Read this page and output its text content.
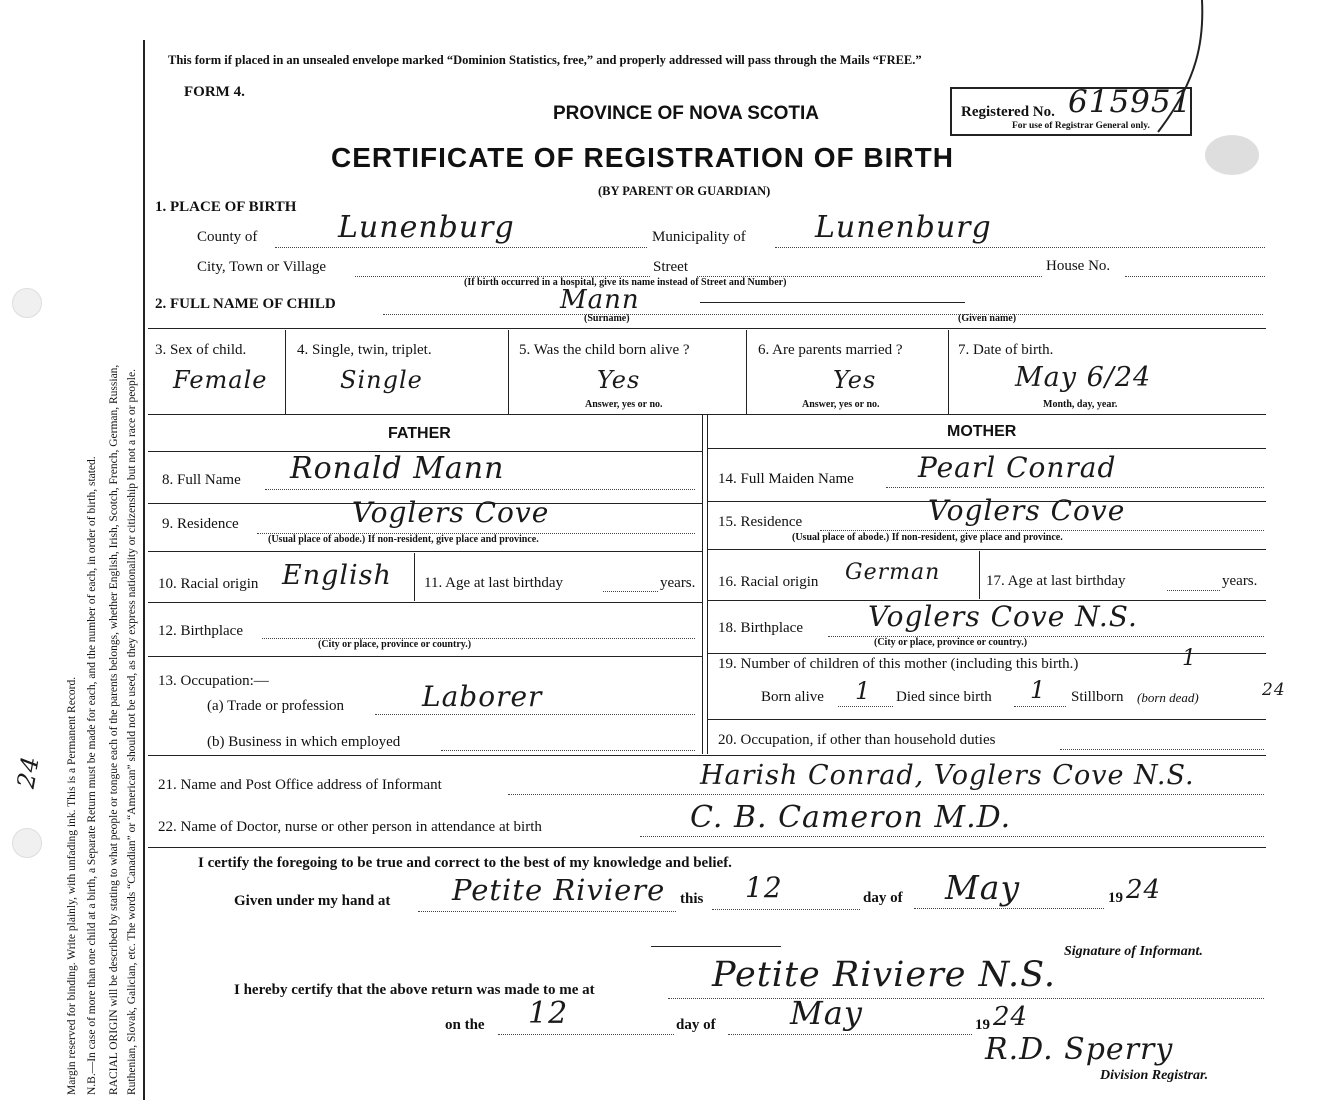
Margin reserved for binding. Write plainly, with unfading ink. This is a Permanent Record. N.B.—In case of more than one child at a birth, a Separate Return must be made for each, and the number of each, in order of birth, stated. RACIAL ORIGIN will be described by stating to what people or tongue each of the parents belongs, whether English, Irish, Scotch, French, German, Russian, Ruthenian, Slovak, Galician, etc. The words “Canadian” or “American” should not be used, as they express nationality or citizenship but not a race or people.
24
This form if placed in an unsealed envelope marked “Dominion Statistics, free,” and properly addressed will pass through the Mails “FREE.”
FORM 4.
PROVINCE OF NOVA SCOTIA
CERTIFICATE OF REGISTRATION OF BIRTH
(BY PARENT OR GUARDIAN)
Registered No. 615951
For use of Registrar General only.
1. PLACE OF BIRTH
County of	Lunenburg	Municipality of Lunenburg
City, Town or Village	Street	House No.
(If birth occurred in a hospital, give its name instead of Street and Number)
2. FULL NAME OF CHILD	Mann
(Surname)	(Given name)
3. Sex of child.
Female
4. Single, twin, triplet.
Single
5. Was the child born alive ?
Yes
Answer, yes or no.
6. Are parents married ?
Yes
Answer, yes or no.
7. Date of birth.
May 6/24
Month, day, year.
FATHER	MOTHER
8. Full Name Ronald Mann
9. Residence	Voglers Cove
(Usual place of abode.) If non-resident, give place and province.
10. Racial origin English 11. Age at last birthday	years.
12. Birthplace
(City or place, province or country.)
13. Occupation:—
(a) Trade or profession	Laborer
(b) Business in which employed
14. Full Maiden Name Pearl Conrad
15. Residence	Voglers Cove
(Usual place of abode.) If non-resident, give place and province.
16. Racial origin German	17. Age at last birthday	years.
18. Birthplace Voglers Cove N.S.
(City or place, province or country.)
19. Number of children of this mother (including this birth.)	1
Born alive 1 Died since birth 1 Stillborn (born dead)	24
20. Occupation, if other than household duties
21. Name and Post Office address of Informant	Harish Conrad, Voglers Cove N.S.
22. Name of Doctor, nurse or other person in attendance at birth	C. B. Cameron M.D.
I certify the foregoing to be true and correct to the best of my knowledge and belief.
Given under my hand at Petite Riviere this 12	day of May	19 24
Signature of Informant.
I hereby certify that the above return was made to me at	Petite Riviere N.S.
on the 12	day of May	19 24
R.D. Sperry
Division Registrar.
